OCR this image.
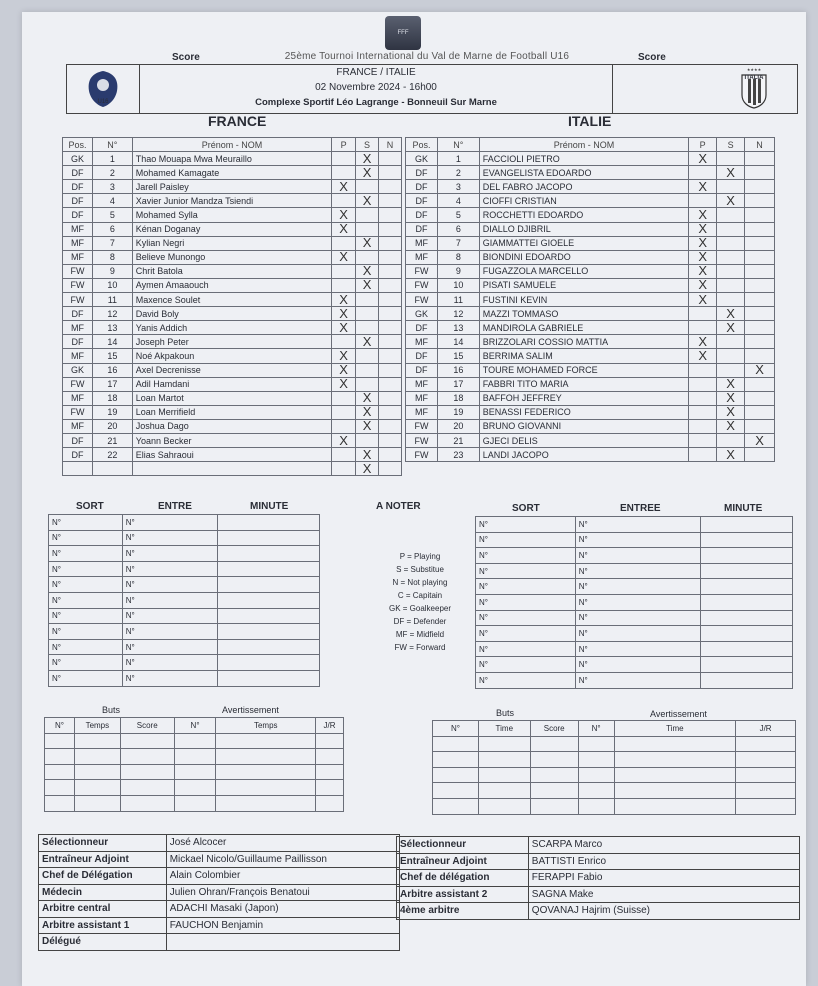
FFF
Score	25ème Tournoi International du Val de Marne de Football U16	Score
U16
FRANCE / ITALIE
02 Novembre 2024 - 16h00
Complexe Sportif Léo Lagrange - Bonneuil Sur Marne
★★★★
ITALIA
FRANCE	ITALIE
Pos.	N°	Prénom - NOM	P	S	N
GK	1	Thao Mouapa Mwa Meuraillo		X	
DF	2	Mohamed Kamagate		X	
DF	3	Jarell Paisley	X		
DF	4	Xavier Junior Mandza Tsiendi		X	
DF	5	Mohamed Sylla	X		
MF	6	Kénan Doganay	X		
MF	7	Kylian Negri		X	
MF	8	Believe Munongo	X		
FW	9	Chrit Batola		X	
FW	10	Aymen Amaaouch		X	
FW	11	Maxence Soulet	X		
DF	12	David Boly	X		
MF	13	Yanis Addich	X		
DF	14	Joseph Peter		X	
MF	15	Noé Akpakoun	X		
GK	16	Axel Decrenisse	X		
FW	17	Adil Hamdani	X		
MF	18	Loan Martot		X	
FW	19	Loan Merrifield		X	
MF	20	Joshua Dago		X	
DF	21	Yoann Becker	X		
DF	22	Elias Sahraoui		X	
				X	
Pos.	N°	Prénom - NOM	P	S	N
GK	1	FACCIOLI PIETRO	X		
DF	2	EVANGELISTA EDOARDO		X	
DF	3	DEL FABRO JACOPO	X		
DF	4	CIOFFI CRISTIAN		X	
DF	5	ROCCHETTI EDOARDO	X		
DF	6	DIALLO DJIBRIL	X		
MF	7	GIAMMATTEI GIOELE	X		
MF	8	BIONDINI EDOARDO	X		
FW	9	FUGAZZOLA MARCELLO	X		
FW	10	PISATI SAMUELE	X		
FW	11	FUSTINI KEVIN	X		
GK	12	MAZZI TOMMASO		X	
DF	13	MANDIROLA GABRIELE		X	
MF	14	BRIZZOLARI COSSIO MATTIA	X		
DF	15	BERRIMA SALIM	X		
DF	16	TOURE MOHAMED FORCE			X
MF	17	FABBRI TITO MARIA		X	
MF	18	BAFFOH JEFFREY		X	
MF	19	BENASSI FEDERICO		X	
FW	20	BRUNO GIOVANNI		X	
FW	21	GJECI DELIS			X
FW	23	LANDI JACOPO		X	
SORT	ENTRE	MINUTE	A NOTER	SORT	ENTREE	MINUTE
N°	N°	
N°	N°	
N°	N°	
N°	N°	
N°	N°	
N°	N°	
N°	N°	
N°	N°	
N°	N°	
N°	N°	
N°	N°	
N°	N°	
N°	N°	
N°	N°	
N°	N°	
N°	N°	
N°	N°	
N°	N°	
N°	N°	
N°	N°	
N°	N°	
N°	N°	
P = Playing
S = Substitue
N = Not playing
C = Capitain
GK = Goalkeeper
DF = Defender
MF = Midfield
FW = Forward
Buts	Avertissement	Buts	Avertissement
N°	Temps	Score	N°	Temps	J/R

						N°	Time	Score	N°	Time	J/R

Sélectionneur	José Alcocer
Entraîneur Adjoint	Mickael Nicolo/Guillaume Paillisson
Chef de Délégation	Alain Colombier
Médecin	Julien Ohran/François Benatoui
Arbitre central	ADACHI Masaki (Japon)
Arbitre assistant 1	FAUCHON Benjamin
Délégué	
Sélectionneur	SCARPA Marco
Entraîneur Adjoint	BATTISTI Enrico
Chef de délégation	FERAPPI Fabio
Arbitre assistant 2	SAGNA Make
4ème arbitre	QOVANAJ Hajrim (Suisse)
